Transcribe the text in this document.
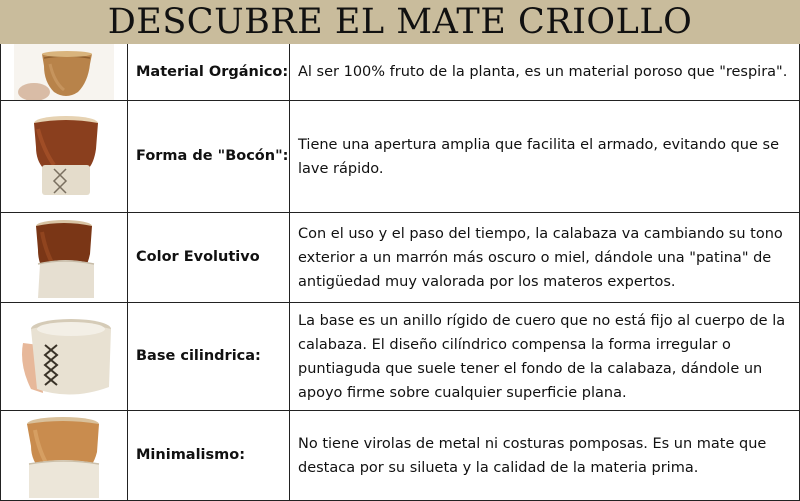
DESCUBRE EL MATE CRIOLLO
	Material Orgánico:	Al ser 100% fruto de la planta, es un material poroso que "respira".

	Forma de "Bocón":	Tiene una apertura amplia que facilita el armado, evitando que se lave rápido.

	Color Evolutivo	Con el uso y el paso del tiempo, la calabaza va cambiando su tono exterior a un marrón más oscuro o miel, dándole una "patina" de antigüedad muy valorada por los materos expertos.

	Base cilindrica:	La base es un anillo rígido de cuero que no está fijo al cuerpo de la calabaza. El diseño cilíndrico compensa la forma irregular o puntiaguda que suele tener el fondo de la calabaza, dándole un apoyo firme sobre cualquier superficie plana.

	Minimalismo:	No tiene virolas de metal ni costuras pomposas. Es un mate que destaca por su silueta y la calidad de la materia prima.
